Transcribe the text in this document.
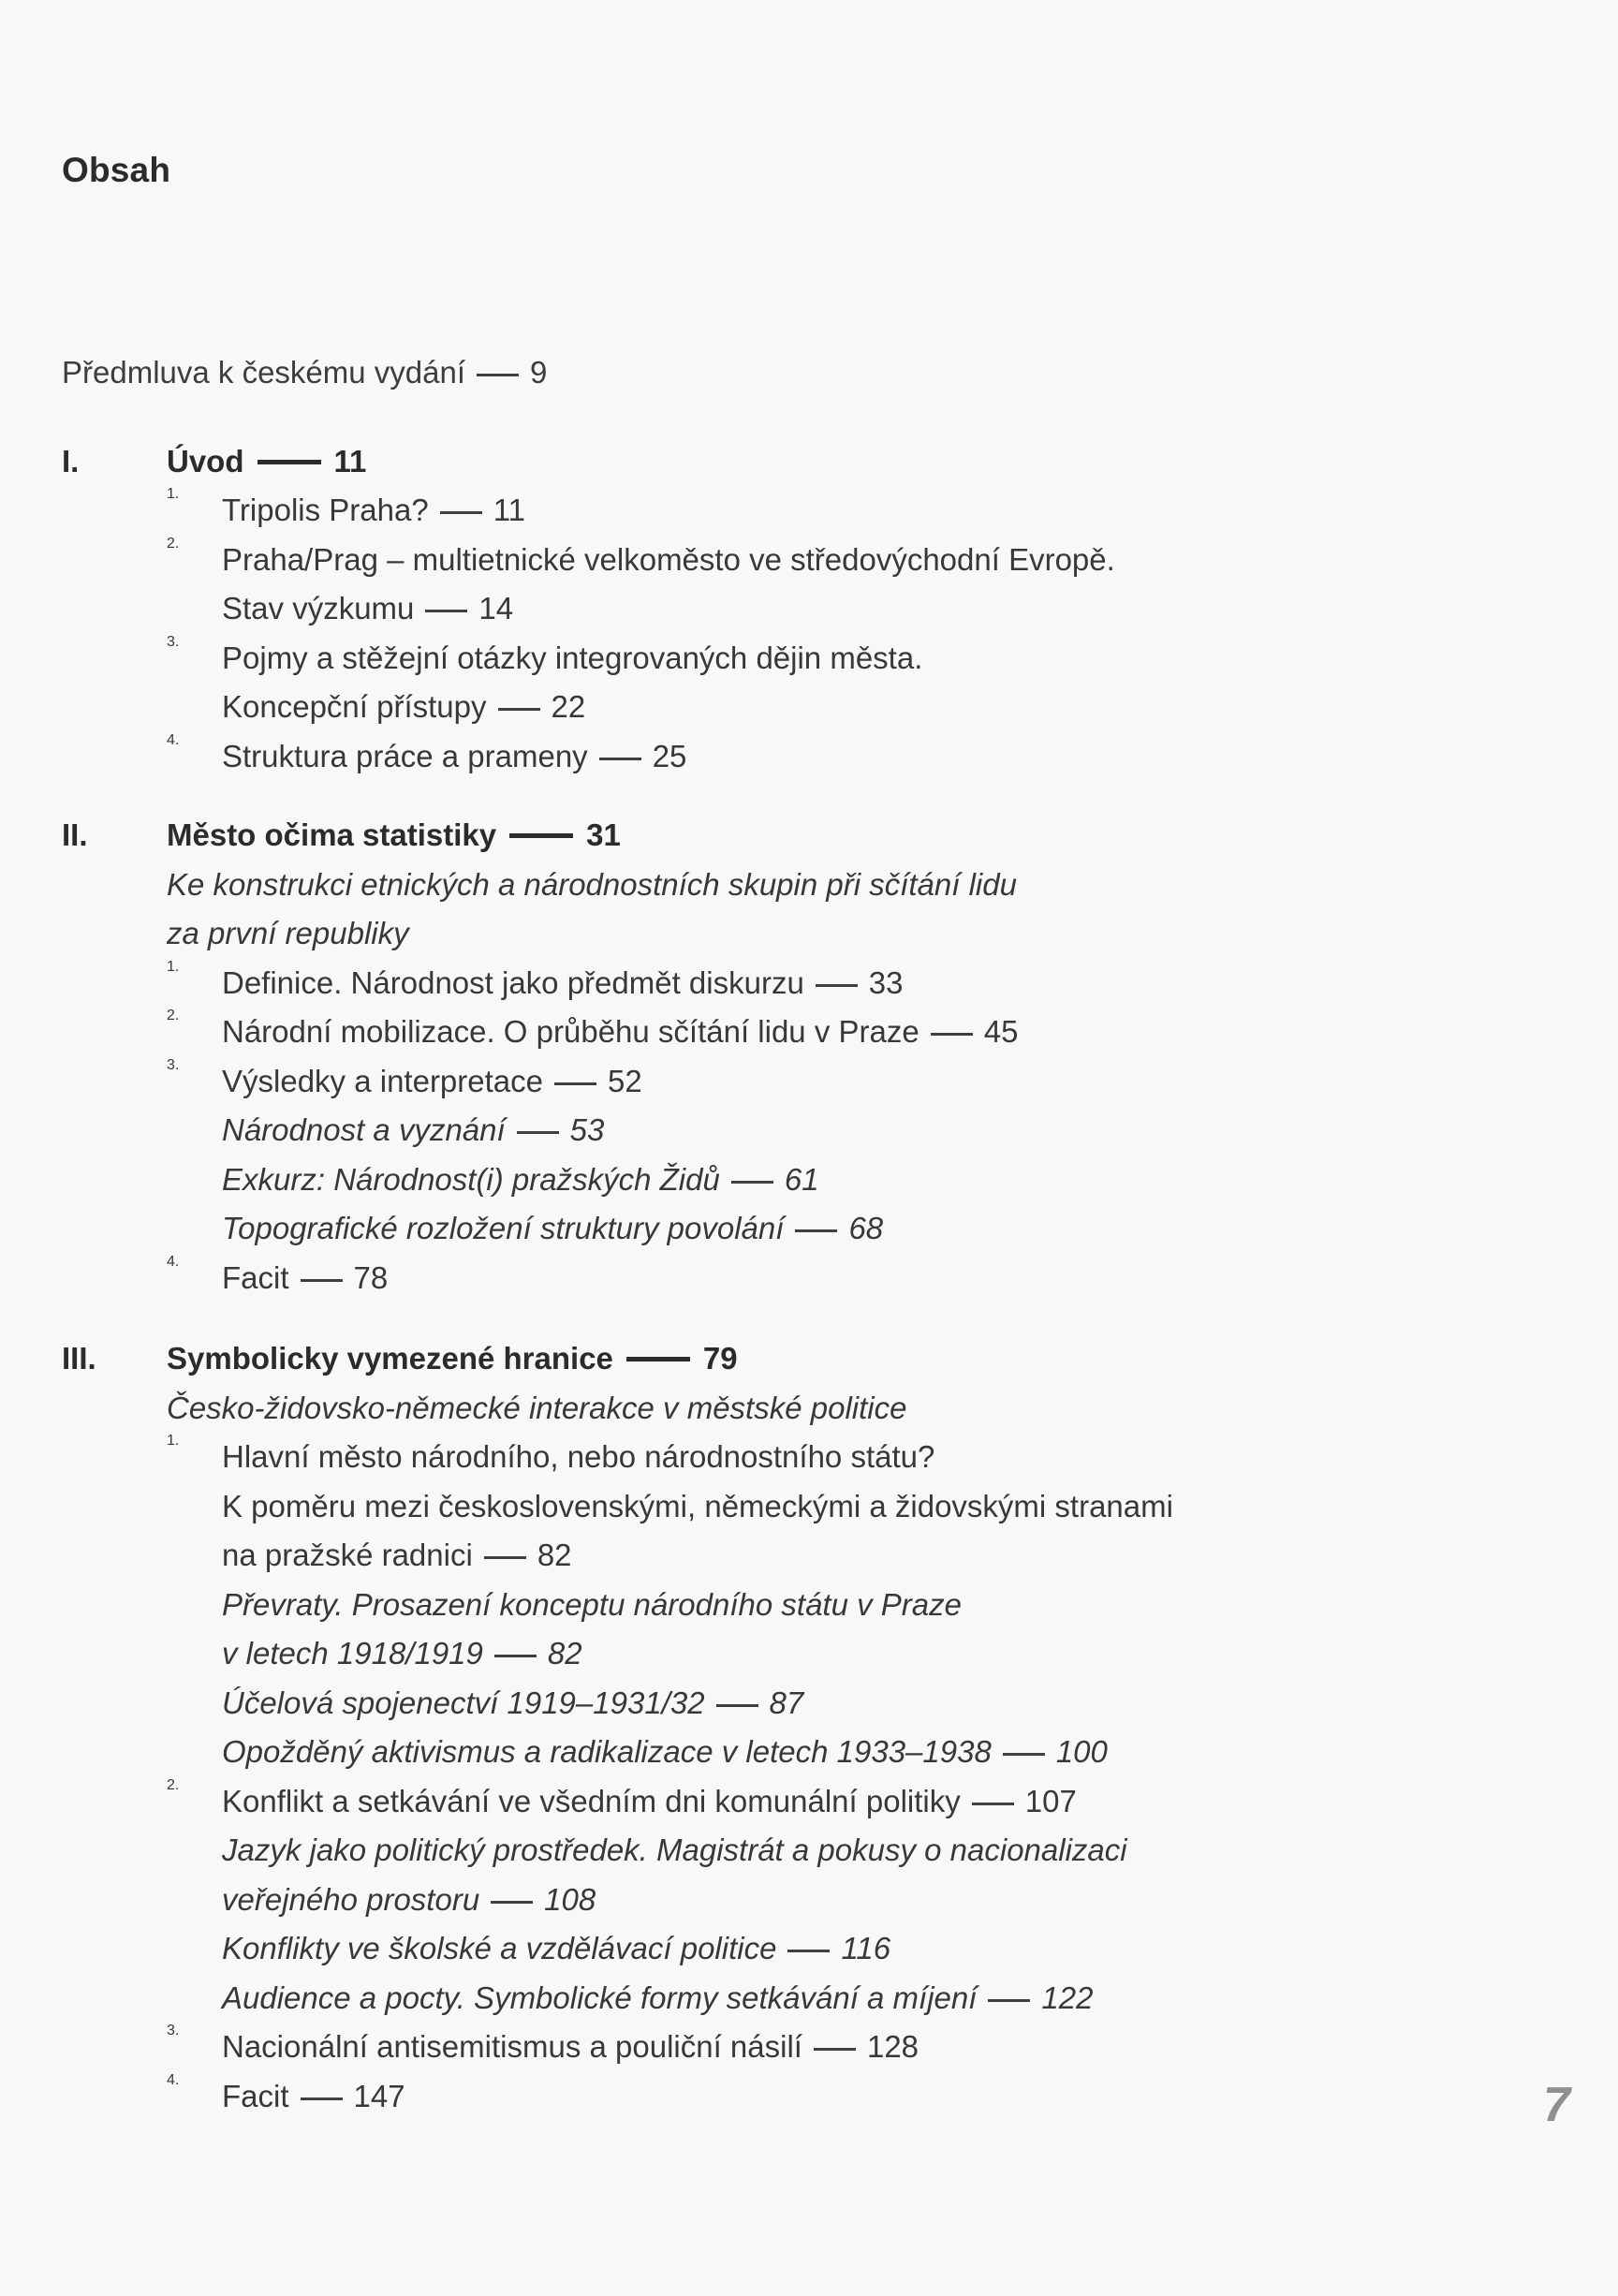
Obsah
Předmluva k českému vydání 9
I.	Úvod	11
1.	Tripolis Praha? 11
2.	Praha/Prag – multietnické velkoměsto ve středovýchodní Evropě.
Stav výzkumu 14
3.	Pojmy a stěžejní otázky integrovaných dějin města.
Koncepční přístupy 22
4.	Struktura práce a prameny 25
II.	Město očima statistiky	31
Ke konstrukci etnických a národnostních skupin při sčítání lidu
za první republiky
1.	Definice. Národnost jako předmět diskurzu 33
2.	Národní mobilizace. O průběhu sčítání lidu v Praze 45
3.	Výsledky a interpretace 52
Národnost a vyznání 53
Exkurz: Národnost(i) pražských Židů 61
Topografické rozložení struktury povolání 68
4.	Facit 78
III. Symbolicky vymezené hranice	79
Česko-židovsko-německé interakce v městské politice
1.	Hlavní město národního, nebo národnostního státu?
K poměru mezi československými, německými a židovskými stranami
na pražské radnici 82
Převraty. Prosazení konceptu národního státu v Praze
v letech 1918/1919 82
Účelová spojenectví 1919–1931/32 87
Opožděný aktivismus a radikalizace v letech 1933–1938 100
2.	Konflikt a setkávání ve všedním dni komunální politiky 107
Jazyk jako politický prostředek. Magistrát a pokusy o nacionalizaci
veřejného prostoru 108
Konflikty ve školské a vzdělávací politice 116
Audience a pocty. Symbolické formy setkávání a míjení 122
3.	Nacionální antisemitismus a pouliční násilí 128
4.	Facit 147	7
